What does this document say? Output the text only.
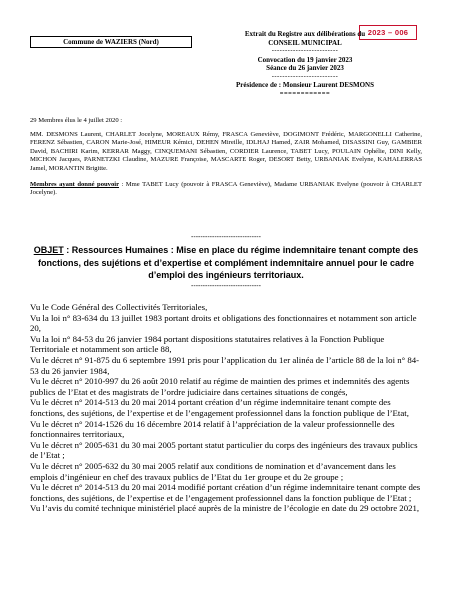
2023 – 006
Commune de WAZIERS (Nord)
Extrait du Registre aux délibérations du
CONSEIL MUNICIPAL
-------------------------
Convocation du 19 janvier 2023
Séance du 26 janvier 2023
-------------------------
Présidence de : Monsieur Laurent DESMONS
============
29 Membres élus le 4 juillet 2020 :
MM. DESMONS Laurent, CHARLET Jocelyne, MOREAUX Rémy, FRASCA Geneviève, DOGIMONT Frédéric, MARGONELLI Catherine, FERENZ Sébastien, CARON Marie-José, HIMEUR Kémici, DEHEN Mireille, IDLHAJ Hamed, ZAIR Mohamed, DISASSINI Guy, GAMBIER David, BACHIRI Karim, KERRAR Maggy, CINQUEMANI Sébastien, CORDIER Laurence, TABET Lucy, POULAIN Ophélie, DINI Kelly, MICHON Jacques, PARNETZKI Claudine, MAZURE Françoise, MASCARTE Roger, DESORT Betty, URBANIAK Evelyne, KAHALERRAS Jamel, MORANTIN Brigitte.
Membres ayant donné pouvoir : Mme TABET Lucy (pouvoir à FRASCA Geneviève), Madame URBANIAK Evelyne (pouvoir à CHARLET Jocelyne).
------------------------------
OBJET : Ressources Humaines : Mise en place du régime indemnitaire tenant compte des fonctions, des sujétions et d’expertise et complément indemnitaire annuel pour le cadre d’emploi des ingénieurs territoriaux.
------------------------------
Vu le Code Général des Collectivités Territoriales,
Vu la loi n° 83-634 du 13 juillet 1983 portant droits et obligations des fonctionnaires et notamment son article 20,
Vu la loi n° 84-53 du 26 janvier 1984 portant dispositions statutaires relatives à la Fonction Publique Territoriale et notamment son article 88,
Vu le décret n° 91-875 du 6 septembre 1991 pris pour l’application du 1er alinéa de l’article 88 de la loi n° 84-53 du 26 janvier 1984,
Vu le décret n° 2010-997 du 26 août 2010 relatif au régime de maintien des primes et indemnités des agents publics de l’Etat et des magistrats de l’ordre judiciaire dans certaines situations de congés,
Vu le décret n° 2014-513 du 20 mai 2014 portant création d’un régime indemnitaire tenant compte des fonctions, des sujétions, de l’expertise et de l’engagement professionnel dans la fonction publique de l’Etat,
Vu le décret n° 2014-1526 du 16 décembre 2014 relatif à l’appréciation de la valeur professionnelle des fonctionnaires territoriaux,
Vu le décret n° 2005-631 du 30 mai 2005 portant statut particulier du corps des ingénieurs des travaux publics de l’Etat ;
Vu le décret n° 2005-632 du 30 mai 2005 relatif aux conditions de nomination et d’avancement dans les emplois d’ingénieur en chef des travaux publics de l’Etat du 1er groupe et du 2e groupe ;
Vu le décret n° 2014-513 du 20 mai 2014 modifié portant création d’un régime indemnitaire tenant compte des fonctions, des sujétions, de l’expertise et de l’engagement professionnel dans la fonction publique de l’Etat ;
Vu l’avis du comité technique ministériel placé auprès de la ministre de l’écologie en date du 29 octobre 2021,
